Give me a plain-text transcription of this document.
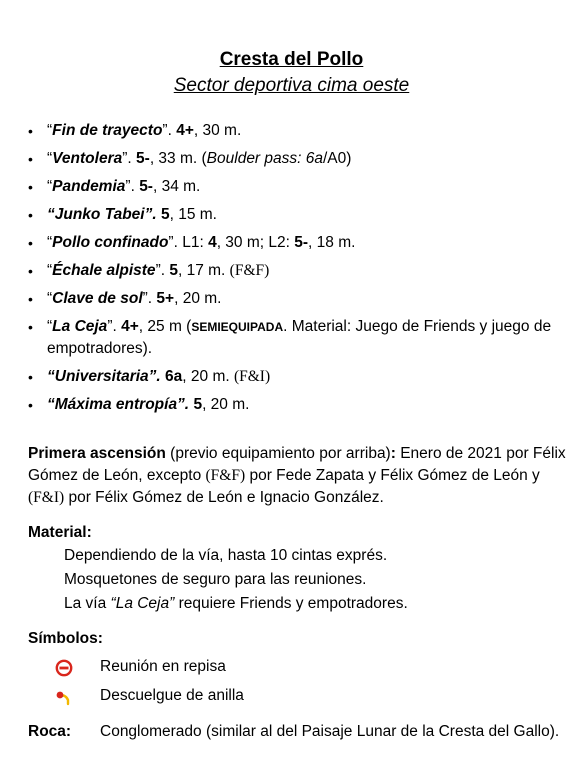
Cresta del Pollo
Sector deportiva cima oeste
• “Fin de trayecto”. 4+, 30 m.
• “Ventolera”. 5-, 33 m. (Boulder pass: 6a/A0)
• “Pandemia”. 5-, 34 m.
• “Junko Tabei”. 5, 15 m.
• “Pollo confinado”. L1: 4, 30 m; L2: 5-, 18 m.
• “Échale alpiste”. 5, 17 m. (F&F)
• “Clave de sol”. 5+, 20 m.
• “La Ceja”. 4+, 25 m (SEMIEQUIPADA. Material: Juego de Friends y juego de empotradores).
• “Universitaria”. 6a, 20 m. (F&I)
• “Máxima entropía”. 5, 20 m.
Primera ascensión (previo equipamiento por arriba): Enero de 2021 por Félix Gómez de León, excepto (F&F) por Fede Zapata y Félix Gómez de León y (F&I) por Félix Gómez de León e Ignacio González.
Material:
Dependiendo de la vía, hasta 10 cintas exprés.
Mosquetones de seguro para las reuniones.
La vía “La Ceja” requiere Friends y empotradores.
Símbolos:
Reunión en repisa
Descuelgue de anilla
Roca:	Conglomerado (similar al del Paisaje Lunar de la Cresta del Gallo).
